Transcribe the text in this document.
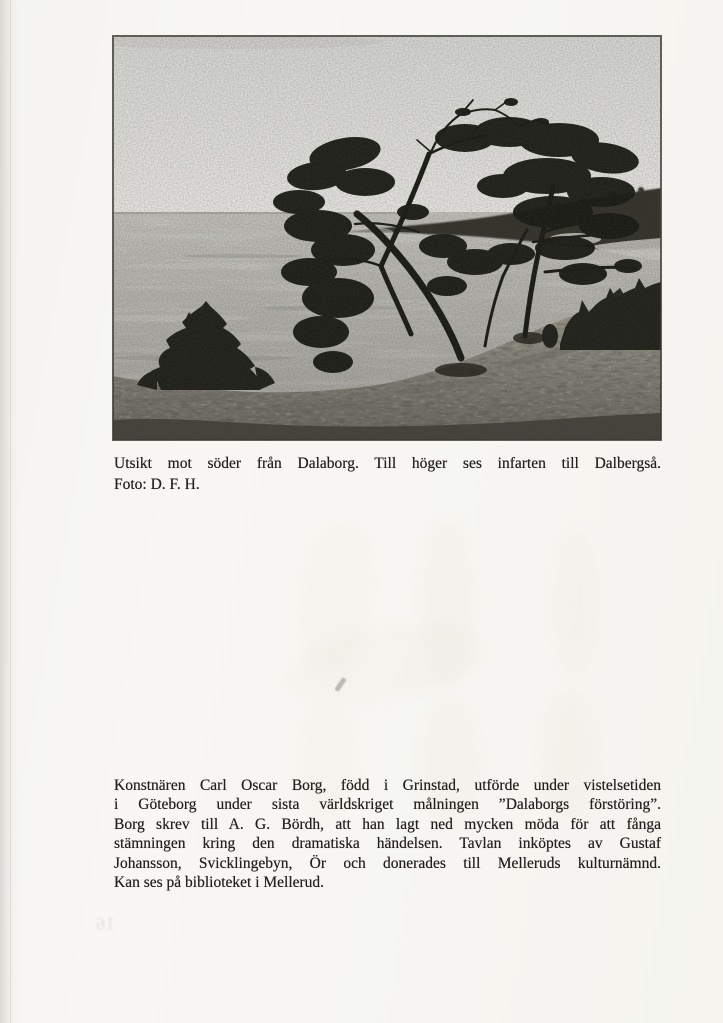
Utsikt mot söder från Dalaborg. Till höger ses infarten till Dalbergså.
Foto: D. F. H.

Konstnären Carl Oscar Borg, född i Grinstad, utförde under vistelsetiden
i Göteborg under sista världskriget målningen ”Dalaborgs förstöring”.
Borg skrev till A. G. Bördh, att han lagt ned mycken möda för att fånga
stämningen kring den dramatiska händelsen. Tavlan inköptes av Gustaf
Johansson, Svicklingebyn, Ör och donerades till Melleruds kulturnämnd.
Kan ses på biblioteket i Mellerud.

16
